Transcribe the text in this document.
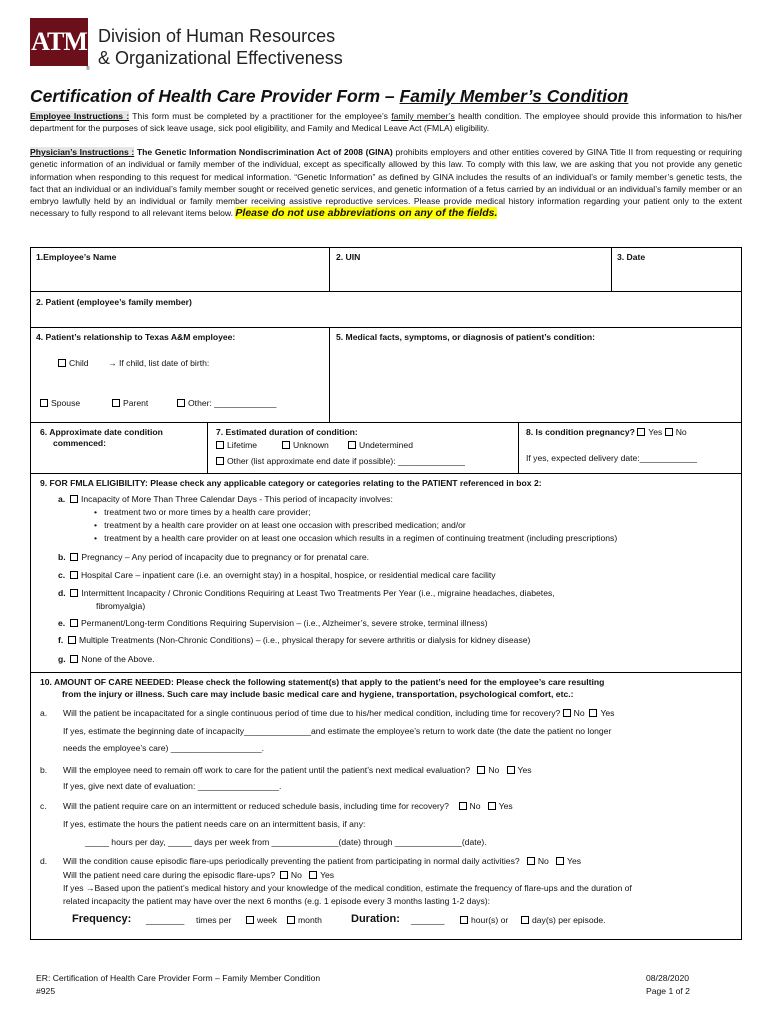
ATM
®
Division of Human Resources
& Organizational Effectiveness
Certification of Health Care Provider Form – Family Member’s Condition
Employee Instructions : This form must be completed by a practitioner for the employee’s family member’s health condition. The employee should provide this information to his/her department for the purposes of sick leave usage, sick pool eligibility, and Family and Medical Leave Act (FMLA) eligibility.
Physician’s Instructions : The Genetic Information Nondiscrimination Act of 2008 (GINA) prohibits employers and other entities covered by GINA Title II from requesting or requiring genetic information of an individual or family member of the individual, except as specifically allowed by this law. To comply with this law, we are asking that you not provide any genetic information when responding to this request for medical information. “Genetic Information” as defined by GINA includes the results of an individual’s or family member’s genetic tests, the fact that an individual or an individual’s family member sought or received genetic services, and genetic information of a fetus carried by an individual or an individual’s family member or an embryo lawfully held by an individual or family member receiving assistive reproductive services. Please provide medical history information regarding your patient only to the extent necessary to fully respond to all relevant items below. Please do not use abbreviations on any of the fields.
1.Employee’s Name	2. UIN	3. Date
2. Patient (employee’s family member)
4. Patient’s relationship to Texas A&M employee:	5. Medical facts, symptoms, or diagnosis of patient’s condition:
Child → If child, list date of birth:
Spouse	Parent	Other: _____________
6. Approximate date condition
commenced:
7. Estimated duration of condition:
Lifetime	Unknown	Undetermined
Other (list approximate end date if possible): ______________
8. Is condition pregnancy? Yes No
If yes, expected delivery date:____________
9. FOR FMLA ELIGIBILITY: Please check any applicable category or categories relating to the PATIENT referenced in box 2:
a. Incapacity of More Than Three Calendar Days - This period of incapacity involves:
•   treatment two or more times by a health care provider;
•   treatment by a health care provider on at least one occasion with prescribed medication; and/or
•   treatment by a health care provider on at least one occasion which results in a regimen of continuing treatment (including prescriptions)
b. Pregnancy – Any period of incapacity due to pregnancy or for prenatal care.
c. Hospital Care – inpatient care (i.e. an overnight stay) in a hospital, hospice, or residential medical care facility
d. Intermittent Incapacity / Chronic Conditions Requiring at Least Two Treatments Per Year (i.e., migraine headaches, diabetes,
fibromyalgia)
e. Permanent/Long-term Conditions Requiring Supervision – (i.e., Alzheimer’s, severe stroke, terminal illness)
f. Multiple Treatments (Non-Chronic Conditions) – (i.e., physical therapy for severe arthritis or dialysis for kidney disease)
g. None of the Above.
10. AMOUNT OF CARE NEEDED: Please check the following statement(s) that apply to the patient’s need for the employee’s care resulting
from the injury or illness. Such care may include basic medical care and hygiene, transportation, psychological comfort, etc.:
a. Will the patient be incapacitated for a single continuous period of time due to his/her medical condition, including time for recovery? No Yes
If yes, estimate the beginning date of incapacity______________and estimate the employee’s return to work date (the date the patient no longer
needs the employee’s care) ___________________.
b. Will the employee need to remain off work to care for the patient until the patient’s next medical evaluation? No Yes
If yes, give next date of evaluation: _________________.
c. Will the patient require care on an intermittent or reduced schedule basis, including time for recovery? No Yes
If yes, estimate the hours the patient needs care on an intermittent basis, if any:
_____ hours per day, _____ days per week from ______________(date) through ______________(date).
d. Will the condition cause episodic flare-ups periodically preventing the patient from participating in normal daily activities? No Yes
Will the patient need care during the episodic flare-ups? No Yes
If yes →Based upon the patient’s medical history and your knowledge of the medical condition, estimate the frequency of flare-ups and the duration of
related incapacity the patient may have over the next 6 months (e.g. 1 episode every 3 months lasting 1-2 days):
Frequency: ________ times per	week	month	Duration: _______	hour(s) or	day(s) per episode.
ER: Certification of Health Care Provider Form – Family Member Condition
#925
08/28/2020
Page 1 of 2
